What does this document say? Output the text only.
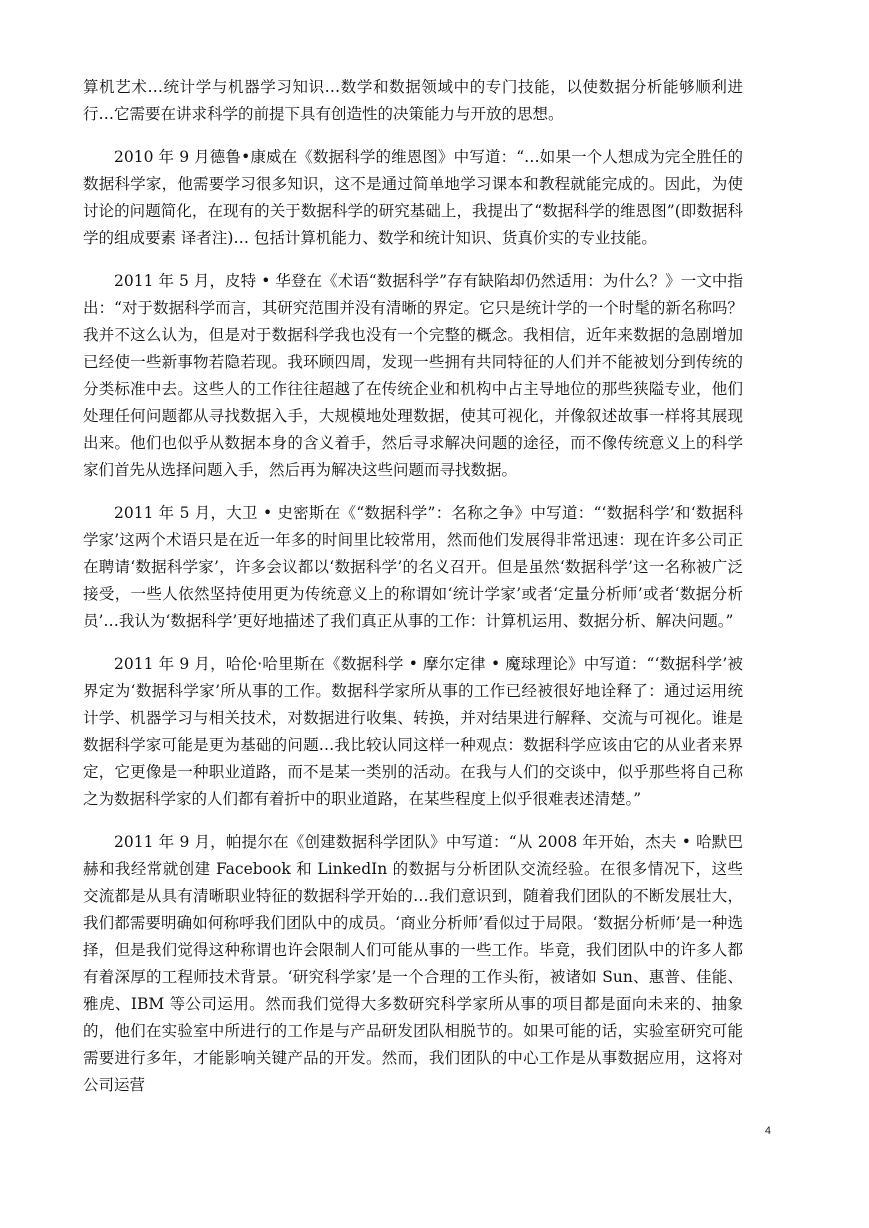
算机艺术…统计学与机器学习知识…数学和数据领域中的专门技能，以使数据分析能够顺利进行…它需要在讲求科学的前提下具有创造性的决策能力与开放的思想。

2010 年 9 月德鲁•康威在《数据科学的维恩图》中写道：“…如果一个人想成为完全胜任的数据科学家，他需要学习很多知识，这不是通过简单地学习课本和教程就能完成的。因此，为使讨论的问题简化，在现有的关于数据科学的研究基础上，我提出了“数据科学的维恩图”(即数据科学的组成要素 译者注)… 包括计算机能力、数学和统计知识、货真价实的专业技能。

2011 年 5 月，皮特 • 华登在《术语“数据科学”存有缺陷却仍然适用：为什么？》一文中指出：“对于数据科学而言，其研究范围并没有清晰的界定。它只是统计学的一个时髦的新名称吗？我并不这么认为，但是对于数据科学我也没有一个完整的概念。我相信，近年来数据的急剧增加已经使一些新事物若隐若现。我环顾四周，发现一些拥有共同特征的人们并不能被划分到传统的分类标准中去。这些人的工作往往超越了在传统企业和机构中占主导地位的那些狭隘专业，他们处理任何问题都从寻找数据入手，大规模地处理数据，使其可视化，并像叙述故事一样将其展现出来。他们也似乎从数据本身的含义着手，然后寻求解决问题的途径，而不像传统意义上的科学家们首先从选择问题入手，然后再为解决这些问题而寻找数据。

2011 年 5 月，大卫 • 史密斯在《“数据科学”：名称之争》中写道：“‘数据科学’和‘数据科学家’这两个术语只是在近一年多的时间里比较常用，然而他们发展得非常迅速：现在许多公司正在聘请‘数据科学家’，许多会议都以‘数据科学’的名义召开。但是虽然‘数据科学’这一名称被广泛接受，一些人依然坚持使用更为传统意义上的称谓如‘统计学家’或者‘定量分析师’或者‘数据分析员’…我认为‘数据科学’更好地描述了我们真正从事的工作：计算机运用、数据分析、解决问题。”

2011 年 9 月，哈伦·哈里斯在《数据科学 • 摩尔定律 • 魔球理论》中写道：“‘数据科学’被界定为‘数据科学家’所从事的工作。数据科学家所从事的工作已经被很好地诠释了：通过运用统计学、机器学习与相关技术，对数据进行收集、转换，并对结果进行解释、交流与可视化。谁是数据科学家可能是更为基础的问题…我比较认同这样一种观点：数据科学应该由它的从业者来界定，它更像是一种职业道路，而不是某一类别的活动。在我与人们的交谈中，似乎那些将自己称之为数据科学家的人们都有着折中的职业道路，在某些程度上似乎很难表述清楚。”

2011 年 9 月，帕提尔在《创建数据科学团队》中写道：“从 2008 年开始，杰夫 • 哈默巴赫和我经常就创建 Facebook 和 LinkedIn 的数据与分析团队交流经验。在很多情况下，这些交流都是从具有清晰职业特征的数据科学开始的…我们意识到，随着我们团队的不断发展壮大，我们都需要明确如何称呼我们团队中的成员。‘商业分析师’看似过于局限。‘数据分析师’是一种选择，但是我们觉得这种称谓也许会限制人们可能从事的一些工作。毕竟，我们团队中的许多人都有着深厚的工程师技术背景。‘研究科学家’是一个合理的工作头衔，被诸如 Sun、惠普、佳能、雅虎、IBM 等公司运用。然而我们觉得大多数研究科学家所从事的项目都是面向未来的、抽象的，他们在实验室中所进行的工作是与产品研发团队相脱节的。如果可能的话，实验室研究可能需要进行多年，才能影响关键产品的开发。然而，我们团队的中心工作是从事数据应用，这将对公司运营

4
